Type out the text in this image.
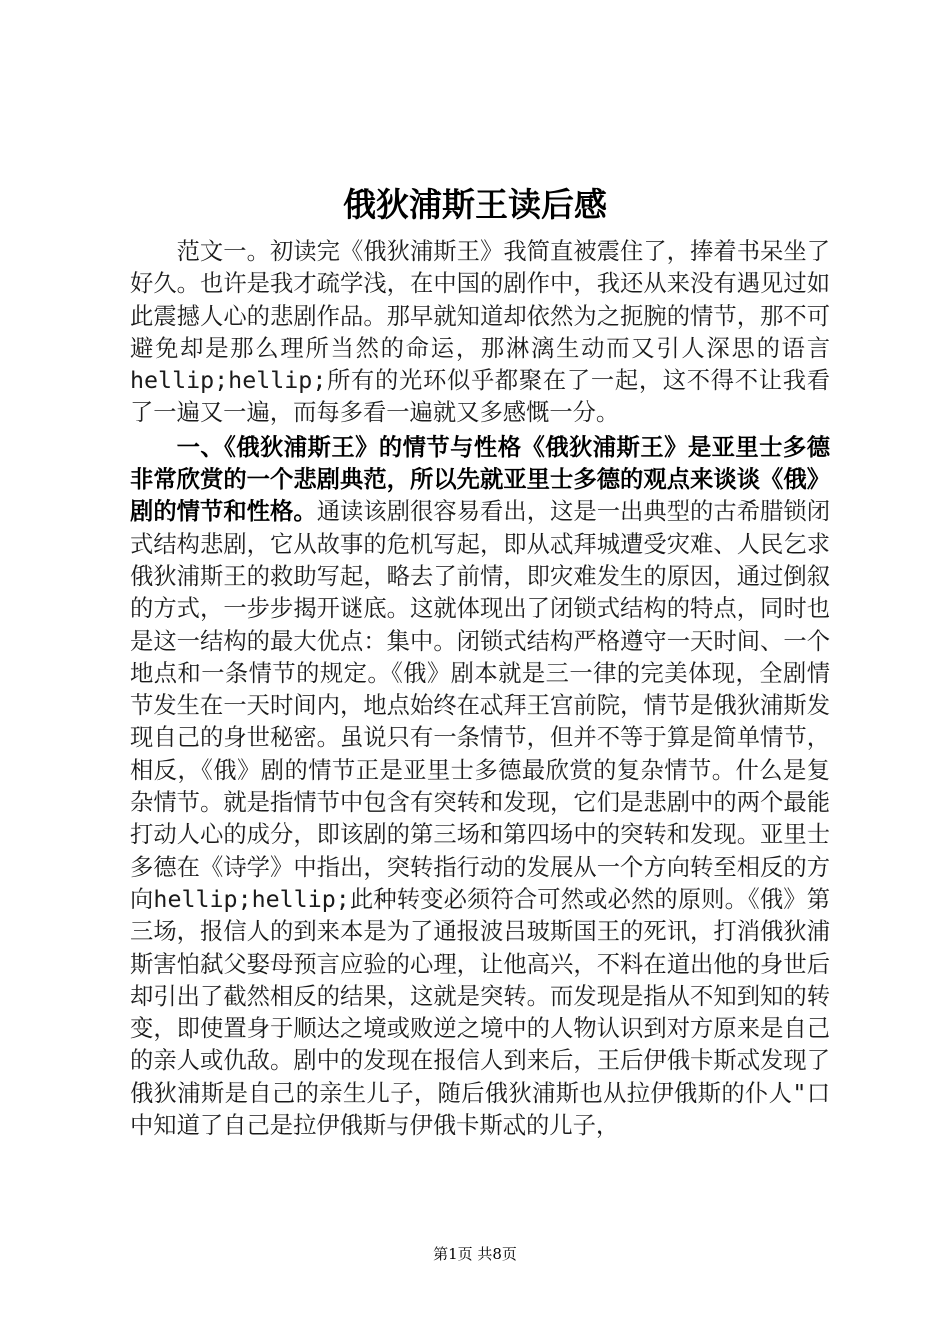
俄狄浦斯王读后感

范文一。初读完《俄狄浦斯王》我简直被震住了，捧着书呆坐了好久。也许是我才疏学浅，在中国的剧作中，我还从来没有遇见过如此震撼人心的悲剧作品。那早就知道却依然为之扼腕的情节，那不可避免却是那么理所当然的命运，那淋漓生动而又引人深思的语言hellip;hellip;所有的光环似乎都聚在了一起，这不得不让我看了一遍又一遍，而每多看一遍就又多感慨一分。

一、《俄狄浦斯王》的情节与性格《俄狄浦斯王》是亚里士多德非常欣赏的一个悲剧典范，所以先就亚里士多德的观点来谈谈《俄》剧的情节和性格。通读该剧很容易看出，这是一出典型的古希腊锁闭式结构悲剧，它从故事的危机写起，即从忒拜城遭受灾难、人民乞求俄狄浦斯王的救助写起，略去了前情，即灾难发生的原因，通过倒叙的方式，一步步揭开谜底。这就体现出了闭锁式结构的特点，同时也是这一结构的最大优点：集中。闭锁式结构严格遵守一天时间、一个地点和一条情节的规定。《俄》剧本就是三一律的完美体现，全剧情节发生在一天时间内，地点始终在忒拜王宫前院，情节是俄狄浦斯发现自己的身世秘密。虽说只有一条情节，但并不等于算是简单情节，相反，《俄》剧的情节正是亚里士多德最欣赏的复杂情节。什么是复杂情节。就是指情节中包含有突转和发现，它们是悲剧中的两个最能打动人心的成分，即该剧的第三场和第四场中的突转和发现。亚里士多德在《诗学》中指出，突转指行动的发展从一个方向转至相反的方向hellip;hellip;此种转变必须符合可然或必然的原则。《俄》第三场，报信人的到来本是为了通报波吕玻斯国王的死讯，打消俄狄浦斯害怕弑父娶母预言应验的心理，让他高兴，不料在道出他的身世后却引出了截然相反的结果，这就是突转。而发现是指从不知到知的转变，即使置身于顺达之境或败逆之境中的人物认识到对方原来是自己的亲人或仇敌。剧中的发现在报信人到来后，王后伊俄卡斯忒发现了俄狄浦斯是自己的亲生儿子，随后俄狄浦斯也从拉伊俄斯的仆人"口中知道了自己是拉伊俄斯与伊俄卡斯忒的儿子，

第1页 共8页
